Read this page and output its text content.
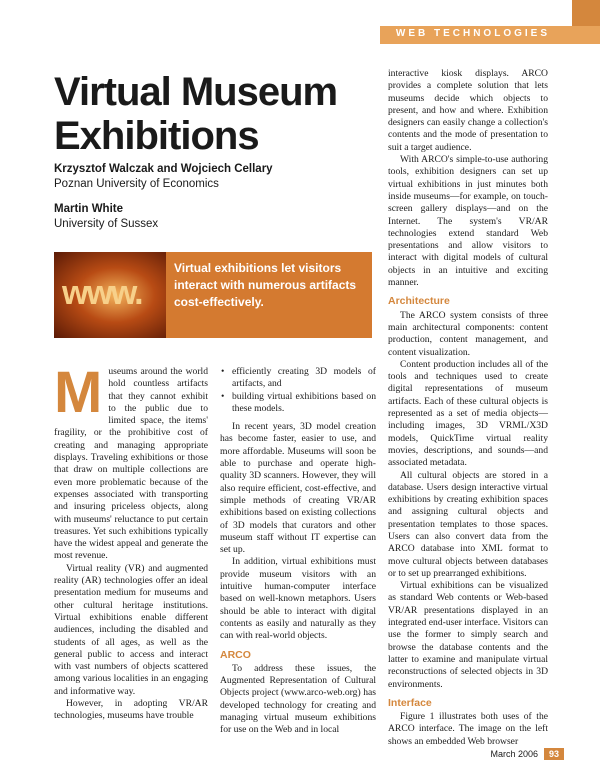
WEB TECHNOLOGIES
Virtual Museum Exhibitions
Krzysztof Walczak and Wojciech Cellary
Poznan University of Economics
Martin White
University of Sussex
www.
Virtual exhibitions let visitors interact with numerous artifacts cost-effectively.

Museums around the world hold countless artifacts that they cannot exhibit to the public due to limited space, the items' fragility, or the prohibitive cost of creating and managing appropriate displays. Traveling exhibitions or those that draw on multiple collections are even more problematic because of the expenses associated with transporting and insuring priceless objects, along with museums' reluctance to put certain treasures. Yet such exhibitions typically have the widest appeal and generate the most revenue.

Virtual reality (VR) and augmented reality (AR) technologies offer an ideal presentation medium for museums and other cultural heritage institutions. Virtual exhibitions enable different audiences, including the disabled and students of all ages, as well as the general public to access and interact with vast numbers of objects scattered among various localities in an engaging and informative way.

However, in adopting VR/AR technologies, museums have trouble

• efficiently creating 3D models of artifacts, and
• building virtual exhibitions based on these models.

In recent years, 3D model creation has become faster, easier to use, and more affordable. Museums will soon be able to purchase and operate high-quality 3D scanners. However, they will also require efficient, cost-effective, and simple methods of creating VR/AR exhibitions based on existing collections of 3D models that curators and other museum staff without IT expertise can set up.

In addition, virtual exhibitions must provide museum visitors with an intuitive human-computer interface based on well-known metaphors. Users should be able to interact with digital contents as easily and naturally as they can with real-world objects.

ARCO

To address these issues, the Augmented Representation of Cultural Objects project (www.arco-web.org) has developed technology for creating and managing virtual museum exhibitions for use on the Web and in local

interactive kiosk displays. ARCO provides a complete solution that lets museums decide which objects to present, and how and where. Exhibition designers can easily change a collection's contents and the mode of presentation to suit a target audience.

With ARCO's simple-to-use authoring tools, exhibition designers can set up virtual exhibitions in just minutes both inside museums—for example, on touch-screen gallery displays—and on the Internet. The system's VR/AR technologies extend standard Web presentations and allow visitors to interact with digital models of cultural objects in an intuitive and exciting manner.

Architecture

The ARCO system consists of three main architectural components: content production, content management, and content visualization.

Content production includes all of the tools and techniques used to create digital representations of museum artifacts. Each of these cultural objects is represented as a set of media objects—including images, 3D VRML/X3D models, QuickTime virtual reality movies, descriptions, and sounds—and associated metadata.

All cultural objects are stored in a database. Users design interactive virtual exhibitions by creating exhibition spaces and assigning cultural objects and presentation templates to those spaces. Users can also convert data from the ARCO database into XML format to move cultural objects between databases or to set up prearranged exhibitions.

Virtual exhibitions can be visualized as standard Web contents or Web-based VR/AR presentations displayed in an integrated end-user interface. Visitors can use the former to simply search and browse the database contents and the latter to examine and manipulate virtual reconstructions of selected objects in 3D environments.

Interface

Figure 1 illustrates both uses of the ARCO interface. The image on the left shows an embedded Web browser

March 2006 93
